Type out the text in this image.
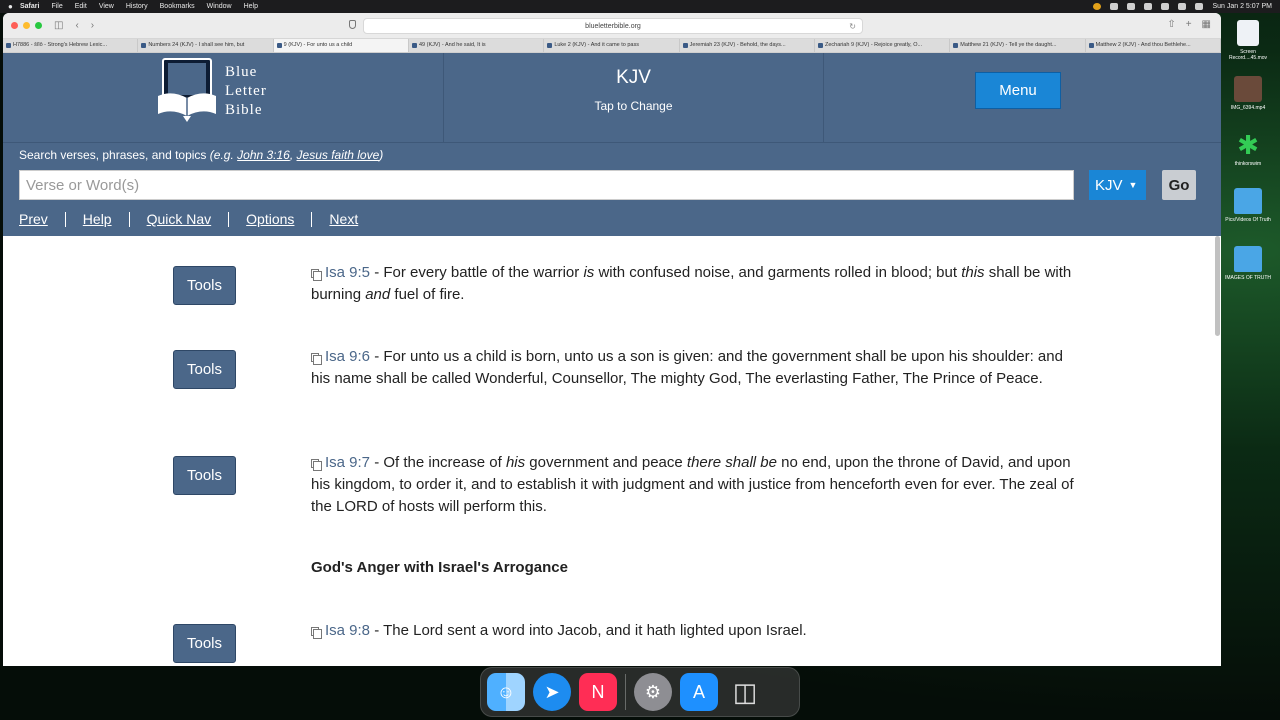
●	Safari File Edit View History Bookmarks Window Help	Sun Jan 2 5:07 PM
◫ ‹ ›	blueletterbible.org	↻	⇧ + ▦
H7886 - šîlô - Strong's Hebrew Lexic...	Numbers 24 (KJV) - I shall see him, but	9 (KJV) - For unto us a child	49 (KJV) - And he said, It is	Luke 2 (KJV) - And it came to pass	Jeremiah 23 (KJV) - Behold, the days...	Zechariah 9 (KJV) - Rejoice greatly, O...	Matthew 21 (KJV) - Tell ye the daught...	Matthew 2 (KJV) - And thou Bethlehe...
Blue
Letter
Bible
KJV
Tap to Change
Menu
Search verses, phrases, and topics (e.g. John 3:16, Jesus faith love)
Verse or Word(s)	KJV ▼	Go
Prev	Help	Quick Nav	Options	Next
Tools
Isa 9:5 - For every battle of the warrior is with confused noise, and garments rolled in blood; but this shall be with burning and fuel of fire.
Tools
Isa 9:6 - For unto us a child is born, unto us a son is given: and the government shall be upon his shoulder: and his name shall be called Wonderful, Counsellor, The mighty God, The everlasting Father, The Prince of Peace.
Tools
Isa 9:7 - Of the increase of his government and peace there shall be no end, upon the throne of David, and upon his kingdom, to order it, and to establish it with judgment and with justice from henceforth even for ever. The zeal of the LORD of hosts will perform this.
God's Anger with Israel's Arrogance
Tools
Isa 9:8 - The Lord sent a word into Jacob, and it hath lighted upon Israel.
Screen Record....45.mov
IMG_6394.mp4
✱
thinkorswim
Pics/Videos Of Truth
IMAGES OF TRUTH
☺	➤	N	⚙	A	◫
